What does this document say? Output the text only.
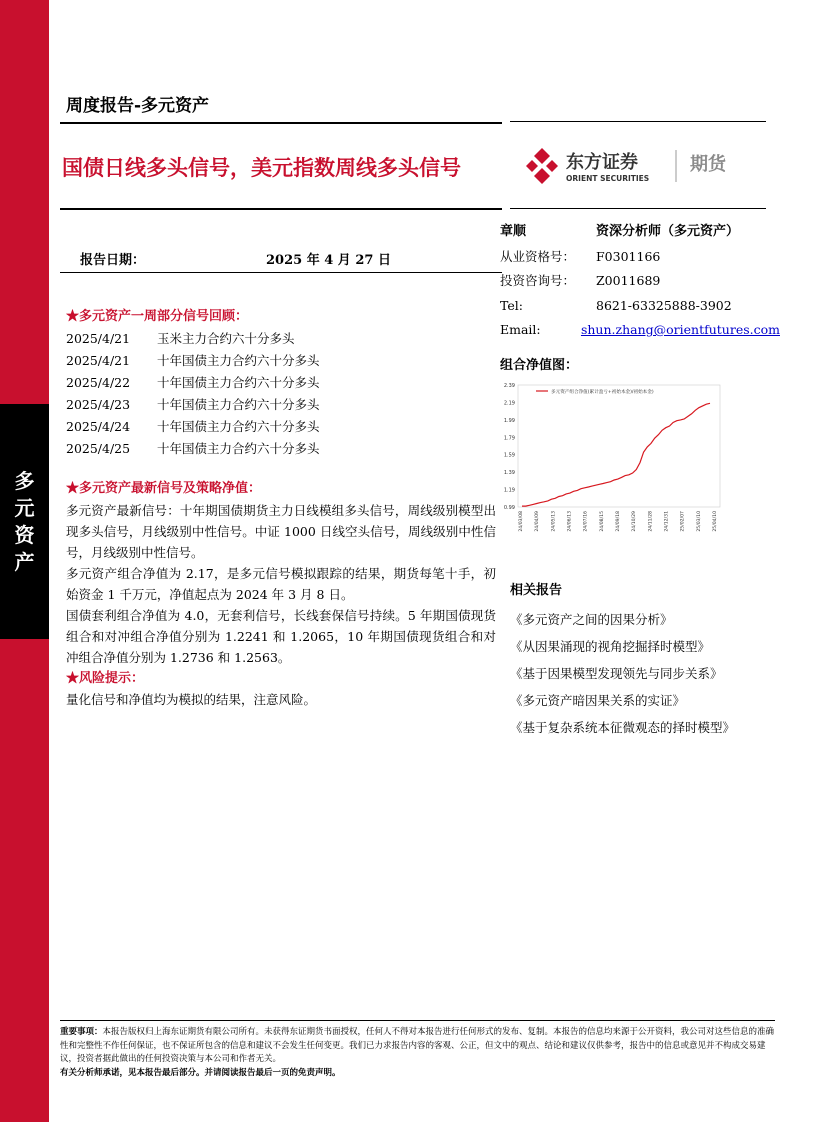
多
元
资
产
周度报告-多元资产
国债日线多头信号，美元指数周线多头信号	东方证券
ORIENT SECURITIES
期货
报告日期：	2025 年 4 月 27 日
★多元资产一周部分信号回顾：
2025/4/21	玉米主力合约六十分多头
2025/4/21	十年国债主力合约六十分多头
2025/4/22	十年国债主力合约六十分多头
2025/4/23	十年国债主力合约六十分多头
2025/4/24	十年国债主力合约六十分多头
2025/4/25	十年国债主力合约六十分多头
★多元资产最新信号及策略净值：
多元资产最新信号：十年期国债期货主力日线模组多头信号，周线级别模型出现多头信号，月线级别中性信号。中证 1000 日线空头信号，周线级别中性信号，月线级别中性信号。
多元资产组合净值为 2.17，是多元信号模拟跟踪的结果，期货每笔十手，初始资金 1 千万元，净值起点为 2024 年 3 月 8 日。
国债套利组合净值为 4.0，无套利信号，长线套保信号持续。5 年期国债现货组合和对冲组合净值分别为 1.2241 和 1.2065，10 年期国债现货组合和对冲组合净值分别为 1.2736 和 1.2563。
★风险提示：
量化信号和净值均为模拟的结果，注意风险。
章顺	资深分析师（多元资产）
从业资格号：	F0301166
投资咨询号：	Z0011689
Tel:	8621-63325888-3902
Email:	shun.zhang@orientfutures.com
组合净值图：
0.99
1.19
1.39
1.59
1.79
1.99
2.19
2.39
24/03/08 24/04/09 24/05/13 24/06/13 24/07/16 24/08/15 24/09/18 24/10/29 24/11/28 24/12/31 25/02/07 25/03/10 25/04/10
多元资产组合净值(累计盈亏+初始本金)/初始本金)
相关报告
《多元资产之间的因果分析》
《从因果涌现的视角挖掘择时模型》
《基于因果模型发现领先与同步关系》
《多元资产暗因果关系的实证》
《基于复杂系统本征微观态的择时模型》
重要事项：本报告版权归上海东证期货有限公司所有。未获得东证期货书面授权，任何人不得对本报告进行任何形式的发布、复制。本报告的信息均来源于公开资料，我公司对这些信息的准确性和完整性不作任何保证，也不保证所包含的信息和建议不会发生任何变更。我们已力求报告内容的客观、公正，但文中的观点、结论和建议仅供参考，报告中的信息或意见并不构成交易建议，投资者据此做出的任何投资决策与本公司和作者无关。
有关分析师承诺，见本报告最后部分。并请阅读报告最后一页的免责声明。
